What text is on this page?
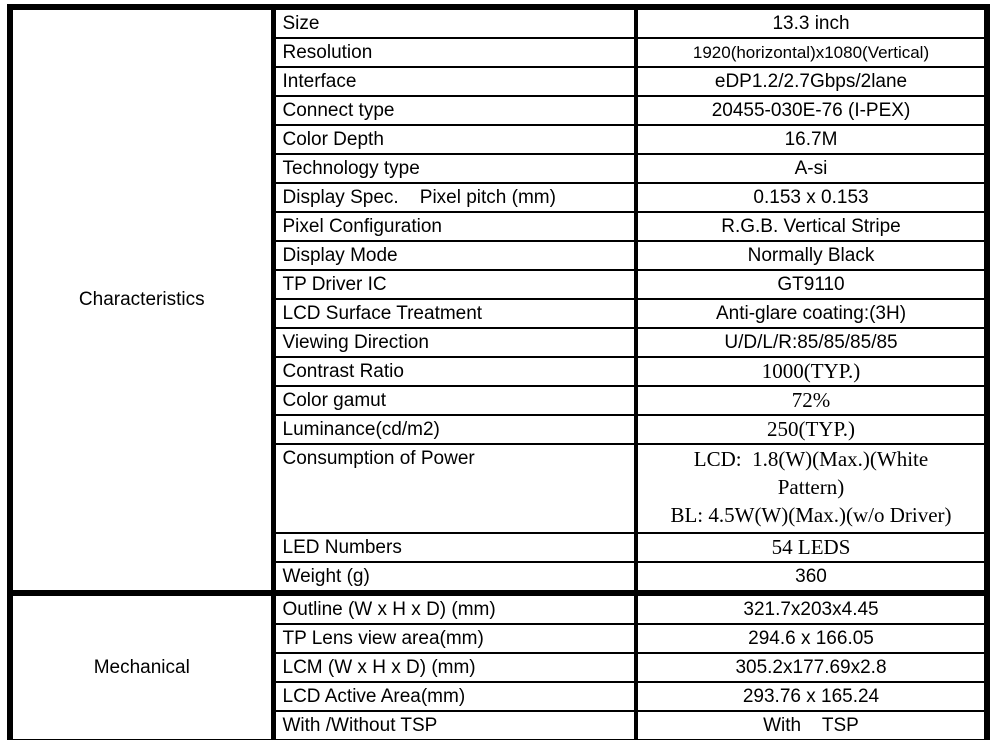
Characteristics	Size	13.3 inch
	Resolution	1920(horizontal)x1080(Vertical)
	Interface	eDP1.2/2.7Gbps/2lane
	Connect type	20455-030E-76 (I-PEX)
	Color Depth	16.7M
	Technology type	A-si
	Display Spec.    Pixel pitch (mm)	0.153 x 0.153
	Pixel Configuration	R.G.B. Vertical Stripe
	Display Mode	Normally Black
	TP Driver IC	GT9110
	LCD Surface Treatment	Anti-glare coating:(3H)
	Viewing Direction	U/D/L/R:85/85/85/85
	Contrast Ratio	1000(TYP.)
	Color gamut	72%
	Luminance(cd/m2)	250(TYP.)
	Consumption of Power	LCD:  1.8(W)(Max.)(White
Pattern)
BL: 4.5W(W)(Max.)(w/o Driver)

	LED Numbers	54 LEDS
	Weight (g)	360
Mechanical	Outline (W x H x D) (mm)	321.7x203x4.45
	TP Lens view area(mm)	294.6 x 166.05
	LCM (W x H x D) (mm)	305.2x177.69x2.8
	LCD Active Area(mm)	293.76 x 165.24
	With /Without TSP	With    TSP
